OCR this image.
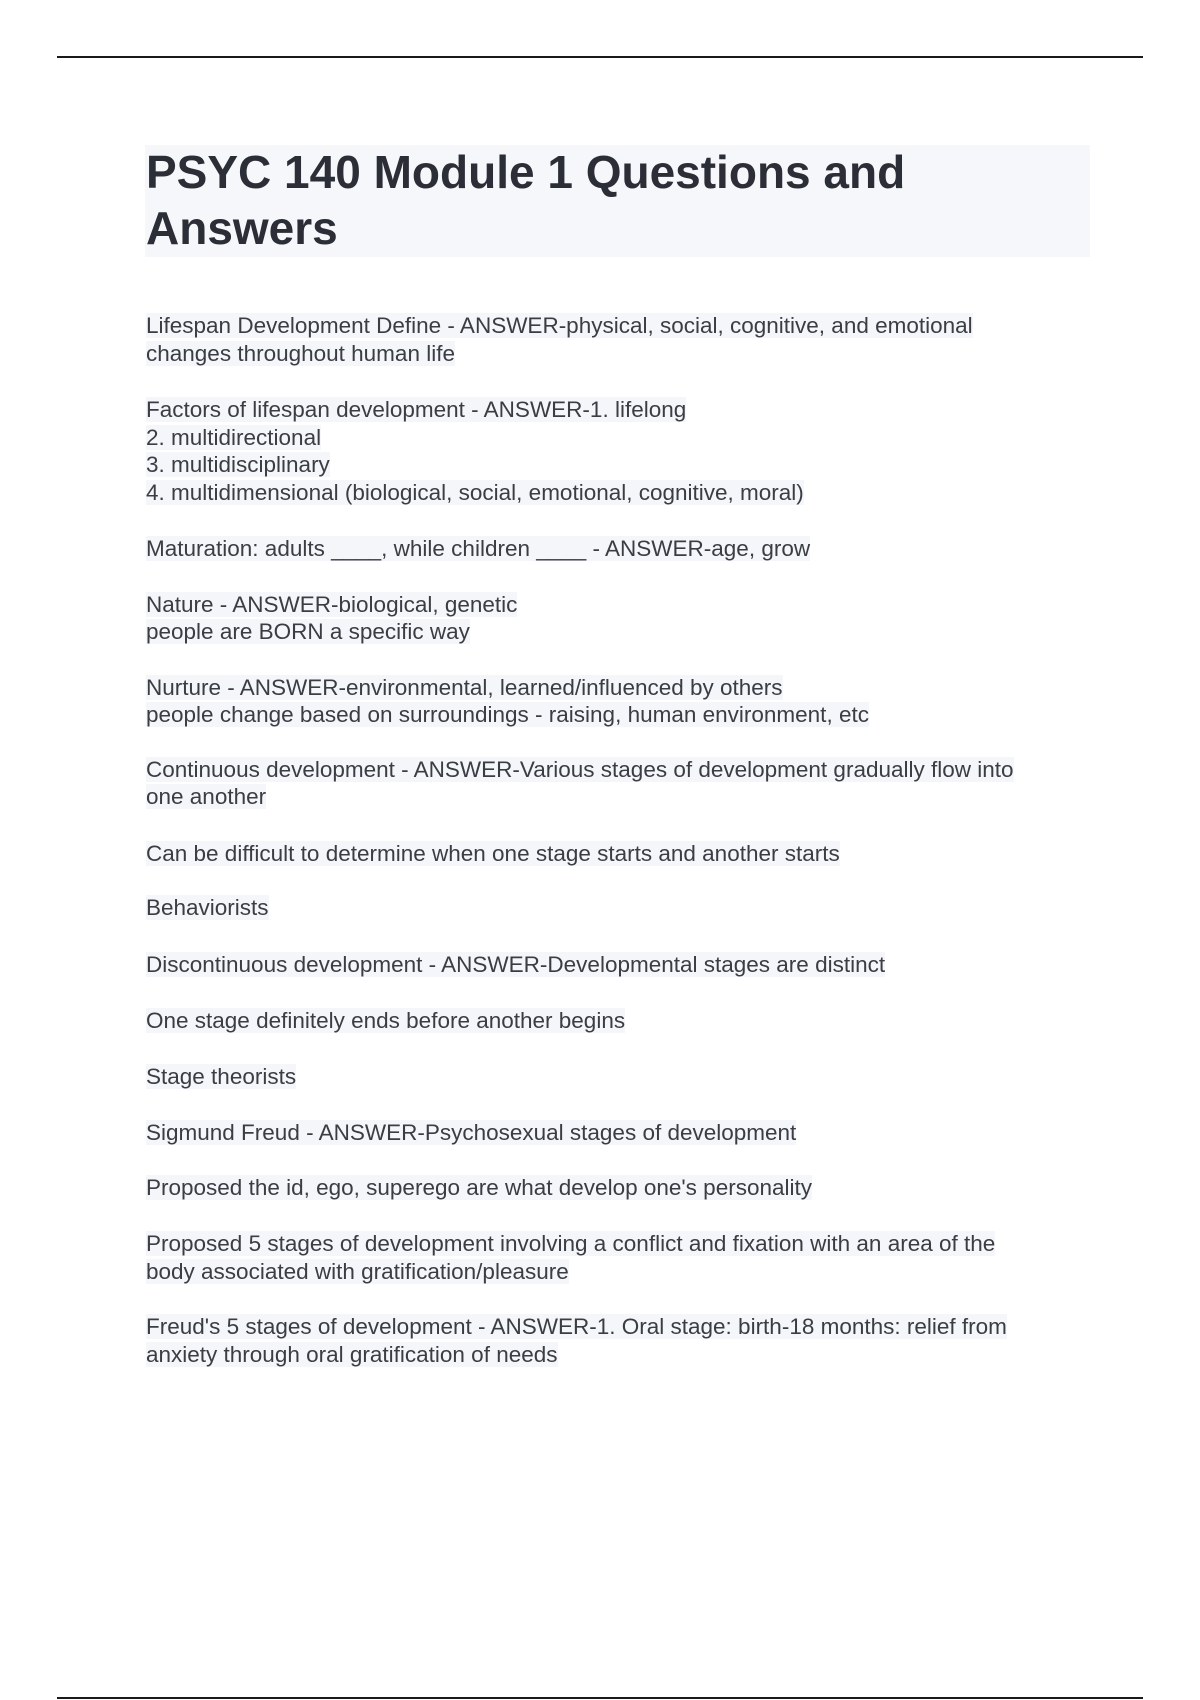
PSYC 140 Module 1 Questions and Answers

Lifespan Development Define - ANSWER-physical, social, cognitive, and emotional
changes throughout human life

Factors of lifespan development - ANSWER-1. lifelong
2. multidirectional
3. multidisciplinary
4. multidimensional (biological, social, emotional, cognitive, moral)

Maturation: adults ____, while children ____ - ANSWER-age, grow

Nature - ANSWER-biological, genetic
people are BORN a specific way

Nurture - ANSWER-environmental, learned/influenced by others
people change based on surroundings - raising, human environment, etc

Continuous development - ANSWER-Various stages of development gradually flow into
one another

Can be difficult to determine when one stage starts and another starts

Behaviorists

Discontinuous development - ANSWER-Developmental stages are distinct

One stage definitely ends before another begins

Stage theorists

Sigmund Freud - ANSWER-Psychosexual stages of development

Proposed the id, ego, superego are what develop one's personality

Proposed 5 stages of development involving a conflict and fixation with an area of the
body associated with gratification/pleasure

Freud's 5 stages of development - ANSWER-1. Oral stage: birth-18 months: relief from
anxiety through oral gratification of needs
